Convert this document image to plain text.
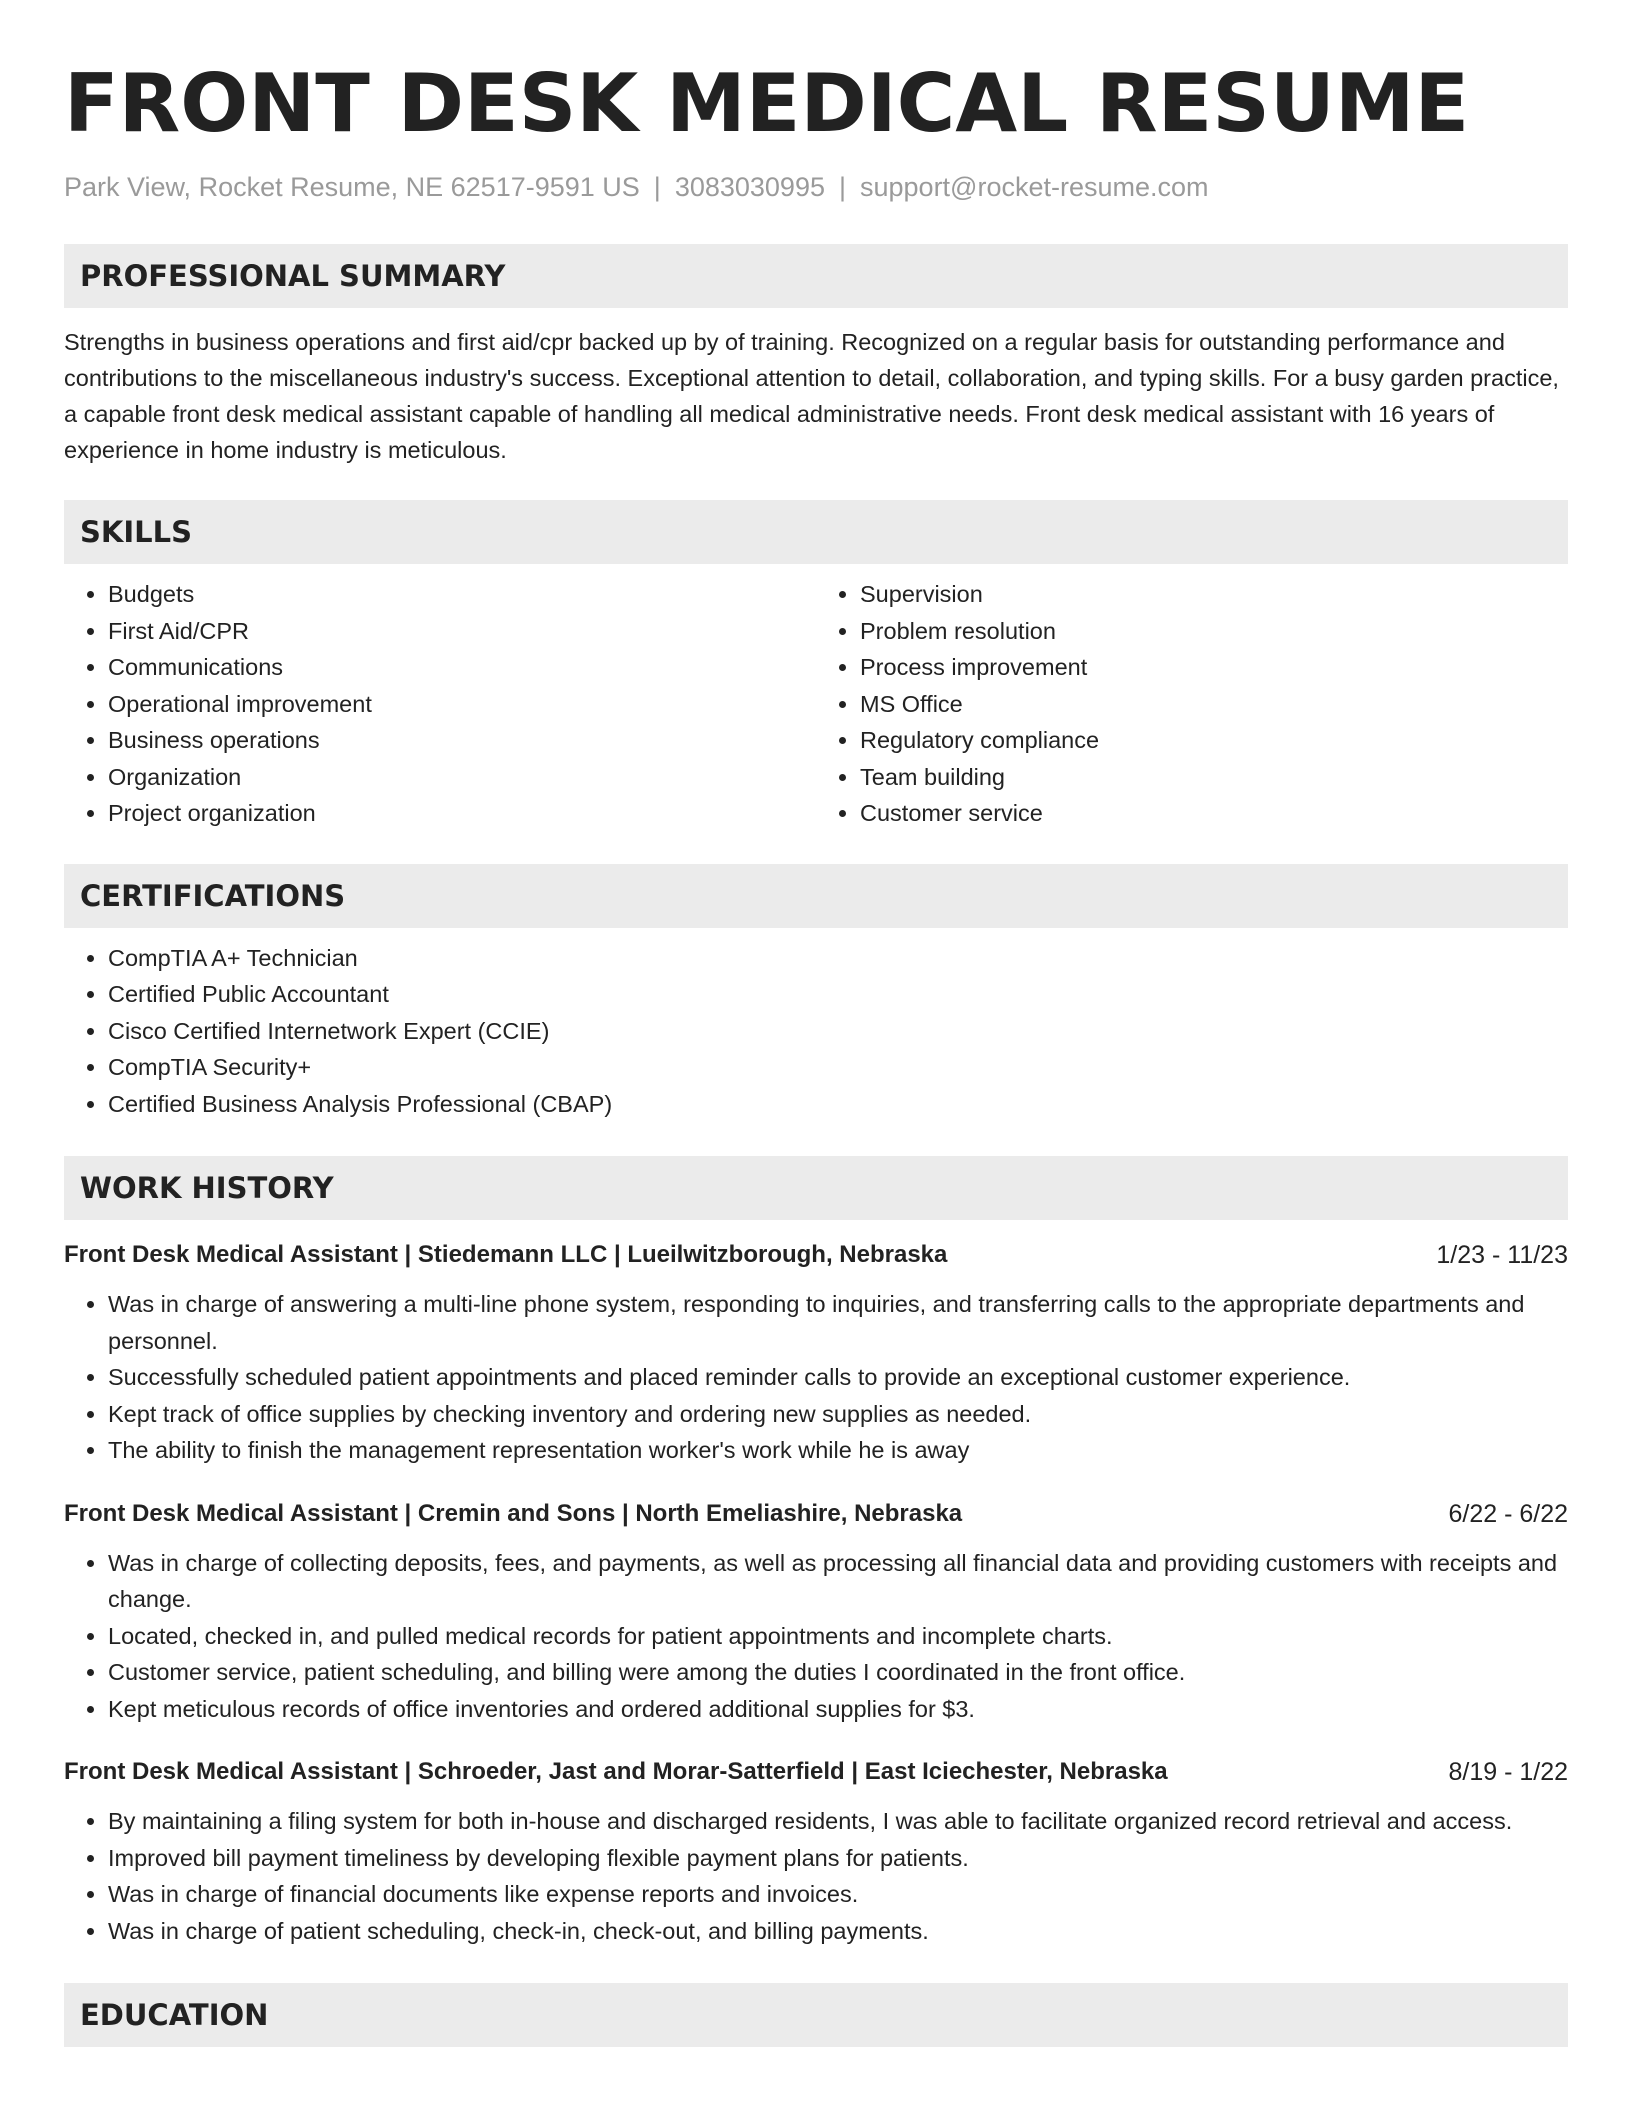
FRONT DESK MEDICAL RESUME
Park View, Rocket Resume, NE 62517-9591 US | 3083030995 | support@rocket-resume.com
PROFESSIONAL SUMMARY

Strengths in business operations and first aid/cpr backed up by of training. Recognized on a regular basis for outstanding performance and contributions to the miscellaneous industry's success. Exceptional attention to detail, collaboration, and typing skills. For a busy garden practice, a capable front desk medical assistant capable of handling all medical administrative needs. Front desk medical assistant with 16 years of experience in home industry is meticulous.

SKILLS
• Budgets
• First Aid/CPR
• Communications
• Operational improvement
• Business operations
• Organization
• Project organization
• Supervision
• Problem resolution
• Process improvement
• MS Office
• Regulatory compliance
• Team building
• Customer service
CERTIFICATIONS
• CompTIA A+ Technician
• Certified Public Accountant
• Cisco Certified Internetwork Expert (CCIE)
• CompTIA Security+
• Certified Business Analysis Professional (CBAP)
WORK HISTORY
Front Desk Medical Assistant | Stiedemann LLC | Lueilwitzborough, Nebraska	1/23 - 11/23
• Was in charge of answering a multi-line phone system, responding to inquiries, and transferring calls to the appropriate departments and personnel.
• Successfully scheduled patient appointments and placed reminder calls to provide an exceptional customer experience.
• Kept track of office supplies by checking inventory and ordering new supplies as needed.
• The ability to finish the management representation worker's work while he is away
Front Desk Medical Assistant | Cremin and Sons | North Emeliashire, Nebraska	6/22 - 6/22
• Was in charge of collecting deposits, fees, and payments, as well as processing all financial data and providing customers with receipts and change.
• Located, checked in, and pulled medical records for patient appointments and incomplete charts.
• Customer service, patient scheduling, and billing were among the duties I coordinated in the front office.
• Kept meticulous records of office inventories and ordered additional supplies for $3.
Front Desk Medical Assistant | Schroeder, Jast and Morar-Satterfield | East Iciechester, Nebraska	8/19 - 1/22
• By maintaining a filing system for both in-house and discharged residents, I was able to facilitate organized record retrieval and access.
• Improved bill payment timeliness by developing flexible payment plans for patients.
• Was in charge of financial documents like expense reports and invoices.
• Was in charge of patient scheduling, check-in, check-out, and billing payments.
EDUCATION
